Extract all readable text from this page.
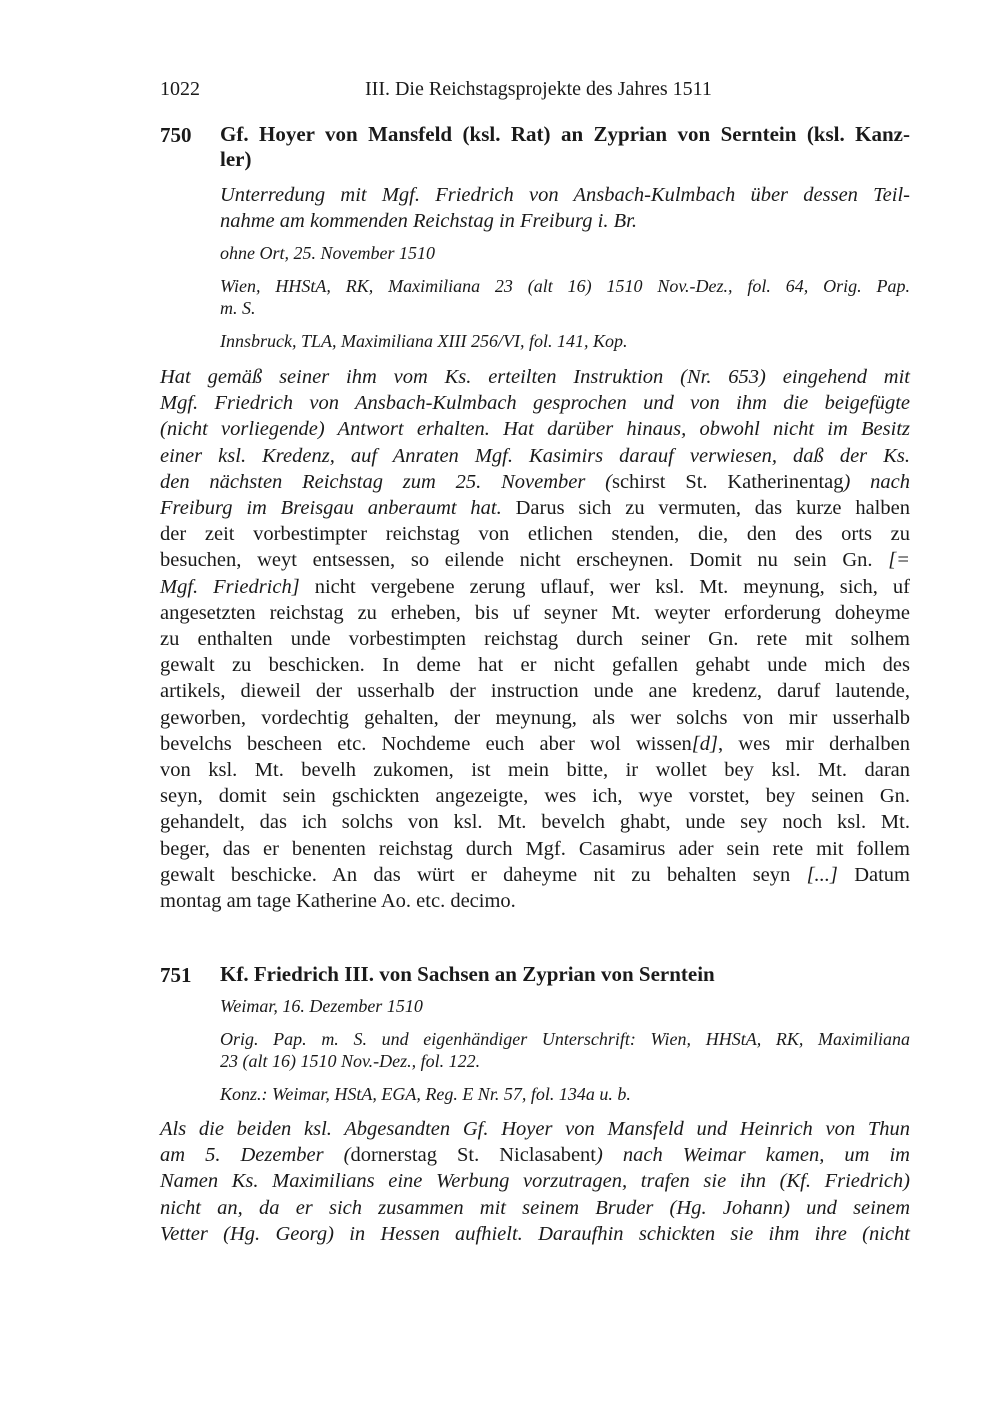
1022	III. Die Reichstagsprojekte des Jahres 1511
750 Gf. Hoyer von Mansfeld (ksl. Rat) an Zyprian von Serntein (ksl. Kanz-
ler)
Unterredung mit Mgf. Friedrich von Ansbach-Kulmbach über dessen Teil-
nahme am kommenden Reichstag in Freiburg i. Br.
ohne Ort, 25. November 1510
Wien, HHStA, RK, Maximiliana 23 (alt 16) 1510 Nov.-Dez., fol. 64, Orig. Pap.
m. S.
Innsbruck, TLA, Maximiliana XIII 256/VI, fol. 141, Kop.
Hat gemäß seiner ihm vom Ks. erteilten Instruktion (Nr. 653) eingehend mit
Mgf. Friedrich von Ansbach-Kulmbach gesprochen und von ihm die beigefügte
(nicht vorliegende) Antwort erhalten. Hat darüber hinaus, obwohl nicht im Besitz
einer ksl. Kredenz, auf Anraten Mgf. Kasimirs darauf verwiesen, daß der Ks.
den nächsten Reichstag zum 25. November (schirst St. Katherinentag) nach
Freiburg im Breisgau anberaumt hat. Darus sich zu vermuten, das kurze halben
der zeit vorbestimpter reichstag von etlichen stenden, die, den des orts zu
besuchen, weyt entsessen, so eilende nicht erscheynen. Domit nu sein Gn. [=
Mgf. Friedrich] nicht vergebene zerung uflauf, wer ksl. Mt. meynung, sich, uf
angesetzten reichstag zu erheben, bis uf seyner Mt. weyter erforderung doheyme
zu enthalten unde vorbestimpten reichstag durch seiner Gn. rete mit solhem
gewalt zu beschicken. In deme hat er nicht gefallen gehabt unde mich des
artikels, dieweil der usserhalb der instruction unde ane kredenz, daruf lautende,
geworben, vordechtig gehalten, der meynung, als wer solchs von mir usserhalb
bevelchs bescheen etc. Nochdeme euch aber wol wissen[d], wes mir derhalben
von ksl. Mt. bevelh zukomen, ist mein bitte, ir wollet bey ksl. Mt. daran
seyn, domit sein gschickten angezeigte, wes ich, wye vorstet, bey seinen Gn.
gehandelt, das ich solchs von ksl. Mt. bevelch ghabt, unde sey noch ksl. Mt.
beger, das er benenten reichstag durch Mgf. Casamirus ader sein rete mit follem
gewalt beschicke. An das würt er daheyme nit zu behalten seyn [...] Datum
montag am tage Katherine Ao. etc. decimo.
751 Kf. Friedrich III. von Sachsen an Zyprian von Serntein
Weimar, 16. Dezember 1510
Orig. Pap. m. S. und eigenhändiger Unterschrift: Wien, HHStA, RK, Maximiliana
23 (alt 16) 1510 Nov.-Dez., fol. 122.
Konz.: Weimar, HStA, EGA, Reg. E Nr. 57, fol. 134a u. b.
Als die beiden ksl. Abgesandten Gf. Hoyer von Mansfeld und Heinrich von Thun
am 5. Dezember (dornerstag St. Niclasabent) nach Weimar kamen, um im
Namen Ks. Maximilians eine Werbung vorzutragen, trafen sie ihn (Kf. Friedrich)
nicht an, da er sich zusammen mit seinem Bruder (Hg. Johann) und seinem
Vetter (Hg. Georg) in Hessen aufhielt. Daraufhin schickten sie ihm ihre (nicht
